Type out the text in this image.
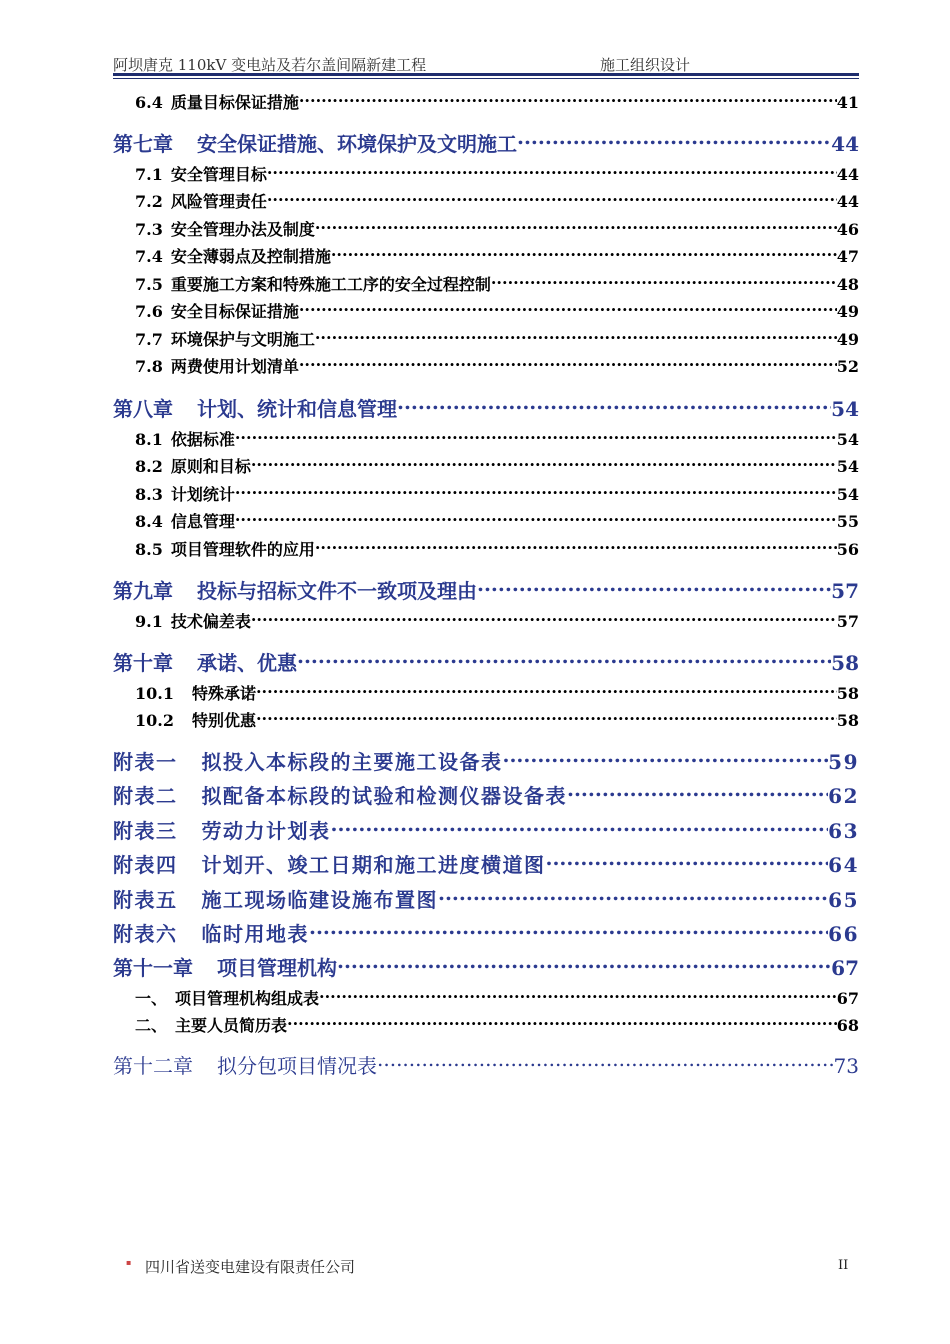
阿坝唐克 110kV 变电站及若尔盖间隔新建工程	施工组织设计
6.4 质量目标保证措施 .....	41
第七章 安全保证措施、环境保护及文明施工 .....	44
7.1 安全管理目标 .....	44
7.2 风险管理责任 .....	44
7.3 安全管理办法及制度 .....	46
7.4 安全薄弱点及控制措施 .....	47
7.5 重要施工方案和特殊施工工序的安全过程控制 .....	48
7.6 安全目标保证措施 .....	49
7.7 环境保护与文明施工 .....	49
7.8 两费使用计划清单 .....	52
第八章 计划、统计和信息管理 .....	54
8.1 依据标准 .....	54
8.2 原则和目标 .....	54
8.3 计划统计 .....	54
8.4 信息管理 .....	55
8.5 项目管理软件的应用 .....	56
第九章 投标与招标文件不一致项及理由 .....	57
9.1 技术偏差表 .....	57
第十章 承诺、优惠 .....	58
10.1 特殊承诺 .....	58
10.2 特别优惠 .....	58
附表一 拟投入本标段的主要施工设备表 .....	59
附表二 拟配备本标段的试验和检测仪器设备表 .....	62
附表三 劳动力计划表 .....	63
附表四 计划开、竣工日期和施工进度横道图 .....	64
附表五 施工现场临建设施布置图 .....	65
附表六 临时用地表 .....	66
第十一章 项目管理机构 .....	67
一、 项目管理机构组成表 .....	67
二、 主要人员简历表 .....	68
第十二章 拟分包项目情况表 .....	73
▪ 四川省送变电建设有限责任公司	II
